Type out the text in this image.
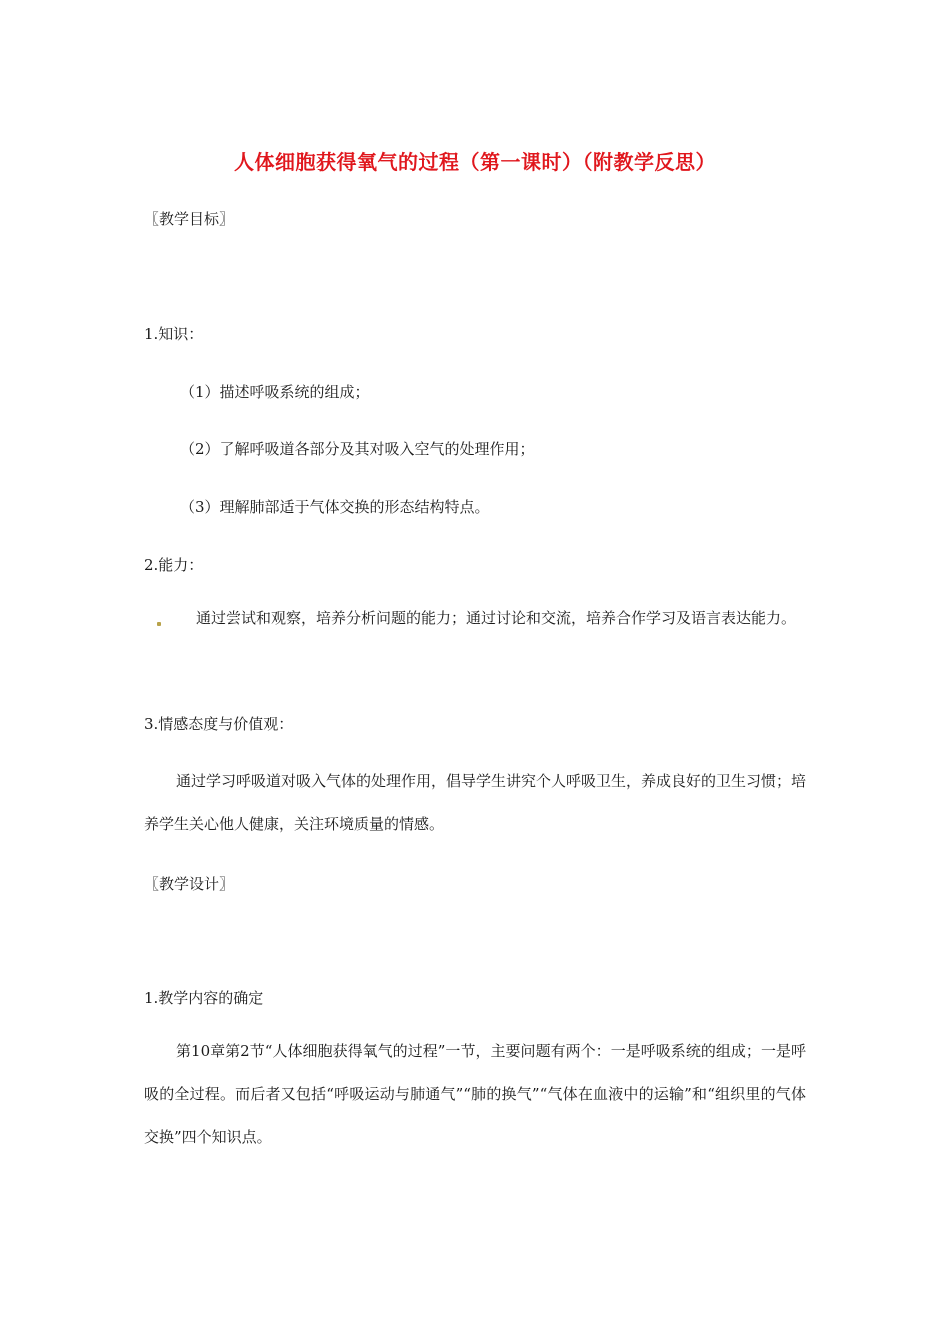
人体细胞获得氧气的过程（第一课时）（附教学反思）
〖教学目标〗
1.知识：
（1）描述呼吸系统的组成；
（2）了解呼吸道各部分及其对吸入空气的处理作用；
（3）理解肺部适于气体交换的形态结构特点。
2.能力：
通过尝试和观察，培养分析问题的能力；通过讨论和交流，培养合作学习及语言表达能力。
3.情感态度与价值观：
通过学习呼吸道对吸入气体的处理作用，倡导学生讲究个人呼吸卫生，养成良好的卫生习惯；培养学生关心他人健康，关注环境质量的情感。
〖教学设计〗
1.教学内容的确定
第10章第2节“人体细胞获得氧气的过程”一节，主要问题有两个：一是呼吸系统的组成；一是呼吸的全过程。而后者又包括“呼吸运动与肺通气”“肺的换气”“气体在血液中的运输”和“组织里的气体交换”四个知识点。
